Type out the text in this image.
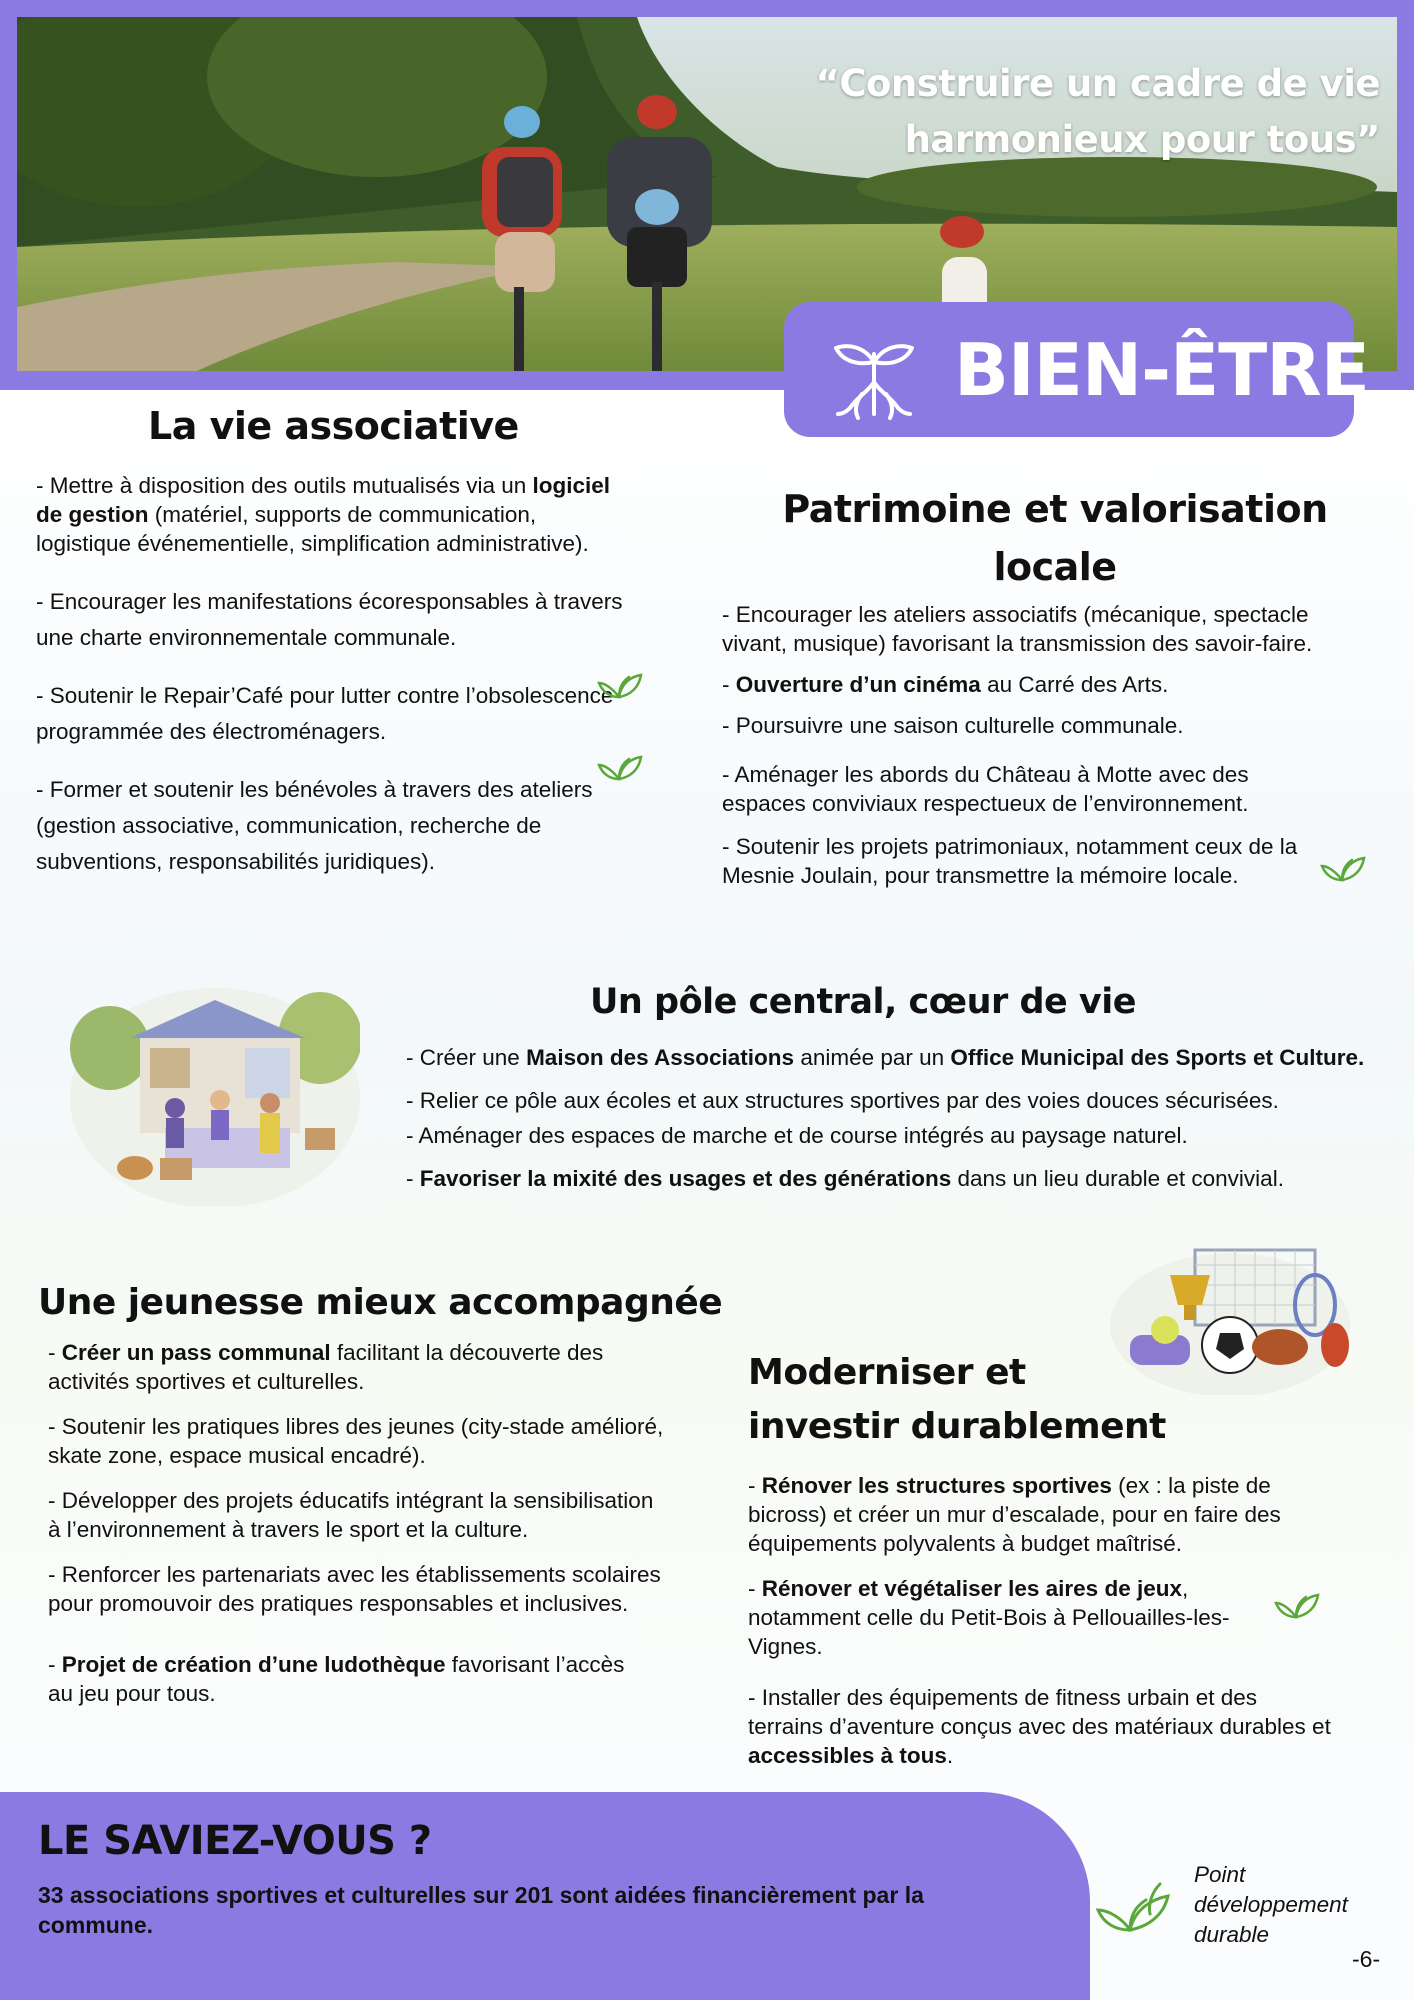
“Construire un cadre de vie harmonieux pour tous”
BIEN-ÊTRE
La vie associative

- Mettre à disposition des outils mutualisés via un logiciel de gestion (matériel, supports de communication, logistique événementielle, simplification administrative).

- Encourager les manifestations écoresponsables à travers une charte environnementale communale.

- Soutenir le Repair’Café pour lutter contre l’obsolescence programmée des électroménagers.

- Former et soutenir les bénévoles à travers des ateliers (gestion associative, communication, recherche de subventions, responsabilités juridiques).

Patrimoine et valorisation locale

- Encourager les ateliers associatifs (mécanique, spectacle vivant, musique) favorisant la transmission des savoir-faire.

- Ouverture d’un cinéma au Carré des Arts.

- Poursuivre une saison culturelle communale.

- Aménager les abords du Château à Motte avec des espaces conviviaux respectueux de l’environnement.

- Soutenir les projets patrimoniaux, notamment ceux de la Mesnie Joulain, pour transmettre la mémoire locale.

Un pôle central, cœur de vie

- Créer une Maison des Associations animée par un Office Municipal des Sports et Culture.

- Relier ce pôle aux écoles et aux structures sportives par des voies douces sécurisées.

- Aménager des espaces de marche et de course intégrés au paysage naturel.

- Favoriser la mixité des usages et des générations dans un lieu durable et convivial.

Une jeunesse mieux accompagnée

- Créer un pass communal facilitant la découverte des activités sportives et culturelles.

- Soutenir les pratiques libres des jeunes (city-stade amélioré, skate zone, espace musical encadré).

- Développer des projets éducatifs intégrant la sensibilisation à l’environnement à travers le sport et la culture.

- Renforcer les partenariats avec les établissements scolaires pour promouvoir des pratiques responsables et inclusives.

- Projet de création d’une ludothèque favorisant l’accès au jeu pour tous.

Moderniser et
investir durablement

- Rénover les structures sportives (ex : la piste de bicross) et créer un mur d’escalade, pour en faire des équipements polyvalents à budget maîtrisé.

- Rénover et végétaliser les aires de jeux, notamment celle du Petit-Bois à Pellouailles-les-Vignes.

- Installer des équipements de fitness urbain et des terrains d’aventure conçus avec des matériaux durables et accessibles à tous.

LE SAVIEZ-VOUS ?
33 associations sportives et culturelles sur 201 sont aidées financièrement par la commune.
Point développement durable
-6-
